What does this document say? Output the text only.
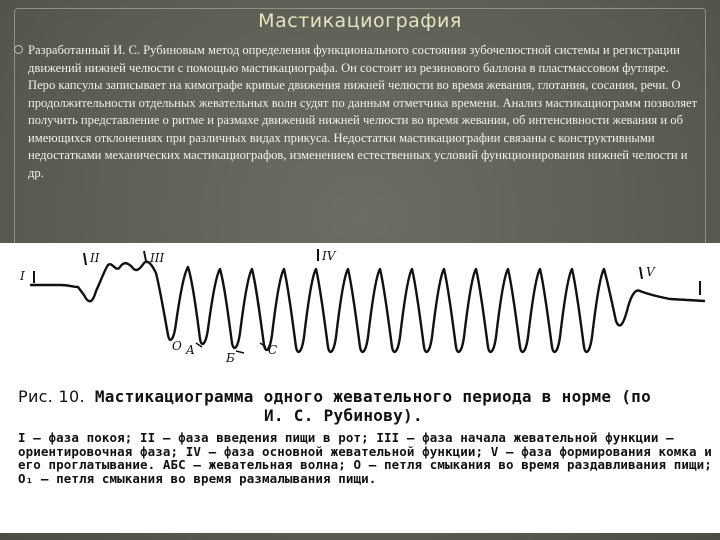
Мастикациография
Разработанный И. С. Рубиновым метод определения функционального состояния зубочелюстной системы и регистрации движений нижней челюсти с помощью мастикациографа. Он состоит из резинового баллона в пластмассовом футляре. Перо капсулы записывает на кимографе кривые движения нижней челюсти во время жевания, глотания, сосания, речи. О продолжительности отдельных жевательных волн судят по данным отметчика времени. Анализ мастикациограмм позволяет получить представление о ритме и размахе движений нижней челюсти во время жевания, об интенсивности жевания и об имеющихся отклонениях при различных видах прикуса. Недостатки мастикациографии связаны с конструктивными недостатками механических мастикациографов, изменением естественных условий функционирования нижней челюсти и др.
I
II	III	IV
V
A
Б
C
O
Рис. 10. Мастикациограмма одного жевательного периода в норме (по
И. С. Рубинову).
I — фаза покоя; II — фаза введения пищи в рот; III — фаза начала жевательной функции — ориентировочная фаза; IV — фаза основной жевательной функции; V — фаза формирования комка и его проглатывание. АБС — жевательная волна; O — петля смыкания во время раздавливания пищи; O₁ — петля смыкания во время размалывания пищи.
